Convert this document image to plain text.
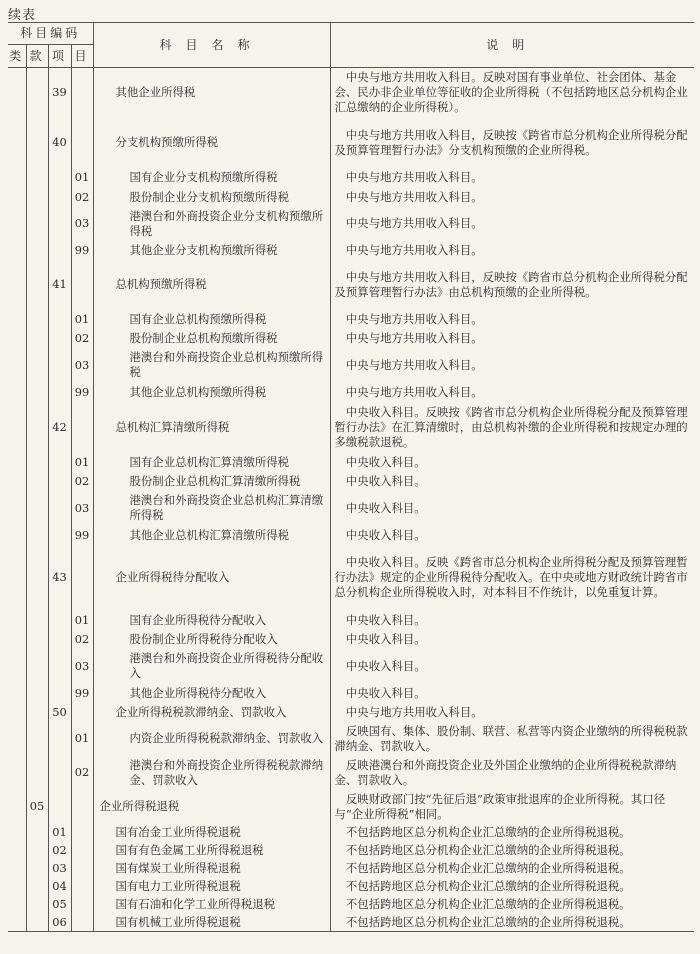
续表
科目编码				科目名称	说明
类	款	项	目		
		39		其他企业所得税	中央与地方共用收入科目。反映对国有事业单位、社会团体、基金会、民办非企业单位等征收的企业所得税（不包括跨地区总分机构企业汇总缴纳的企业所得税）。
		40		分支机构预缴所得税	中央与地方共用收入科目，反映按《跨省市总分机构企业所得税分配及预算管理暂行办法》分支机构预缴的企业所得税。
			01	国有企业分支机构预缴所得税	中央与地方共用收入科目。
			02	股份制企业分支机构预缴所得税	中央与地方共用收入科目。
			03	港澳台和外商投资企业分支机构预缴所得税	中央与地方共用收入科目。
			99	其他企业分支机构预缴所得税	中央与地方共用收入科目。
		41		总机构预缴所得税	中央与地方共用收入科目，反映按《跨省市总分机构企业所得税分配及预算管理暂行办法》由总机构预缴的企业所得税。
			01	国有企业总机构预缴所得税	中央与地方共用收入科目。
			02	股份制企业总机构预缴所得税	中央与地方共用收入科目。
			03	港澳台和外商投资企业总机构预缴所得税	中央与地方共用收入科目。
			99	其他企业总机构预缴所得税	中央与地方共用收入科目。
		42		总机构汇算清缴所得税	中央收入科目。反映按《跨省市总分机构企业所得税分配及预算管理暂行办法》在汇算清缴时，由总机构补缴的企业所得税和按规定办理的多缴税款退税。
			01	国有企业总机构汇算清缴所得税	中央收入科目。
			02	股份制企业总机构汇算清缴所得税	中央收入科目。
			03	港澳台和外商投资企业总机构汇算清缴所得税	中央收入科目。
			99	其他企业总机构汇算清缴所得税	中央收入科目。
		43		企业所得税待分配收入	中央收入科目。反映《跨省市总分机构企业所得税分配及预算管理暂行办法》规定的企业所得税待分配收入。在中央或地方财政统计跨省市总分机构企业所得税收入时，对本科目不作统计，以免重复计算。
			01	国有企业所得税待分配收入	中央收入科目。
			02	股份制企业所得税待分配收入	中央收入科目。
			03	港澳台和外商投资企业所得税待分配收入	中央收入科目。
			99	其他企业所得税待分配收入	中央收入科目。
		50		企业所得税税款滞纳金、罚款收入	中央与地方共用收入科目。
			01	内资企业所得税税款滞纳金、罚款收入	反映国有、集体、股份制、联营、私营等内资企业缴纳的所得税税款滞纳金、罚款收入。
			02	港澳台和外商投资企业所得税税款滞纳金、罚款收入	反映港澳台和外商投资企业及外国企业缴纳的企业所得税税款滞纳金、罚款收入。
	05			企业所得税退税	反映财政部门按“先征后退”政策审批退库的企业所得税。其口径与“企业所得税”相同。
		01		国有冶金工业所得税退税	不包括跨地区总分机构企业汇总缴纳的企业所得税退税。
		02		国有有色金属工业所得税退税	不包括跨地区总分机构企业汇总缴纳的企业所得税退税。
		03		国有煤炭工业所得税退税	不包括跨地区总分机构企业汇总缴纳的企业所得税退税。
		04		国有电力工业所得税退税	不包括跨地区总分机构企业汇总缴纳的企业所得税退税。
		05		国有石油和化学工业所得税退税	不包括跨地区总分机构企业汇总缴纳的企业所得税退税。
		06		国有机械工业所得税退税	不包括跨地区总分机构企业汇总缴纳的企业所得税退税。
